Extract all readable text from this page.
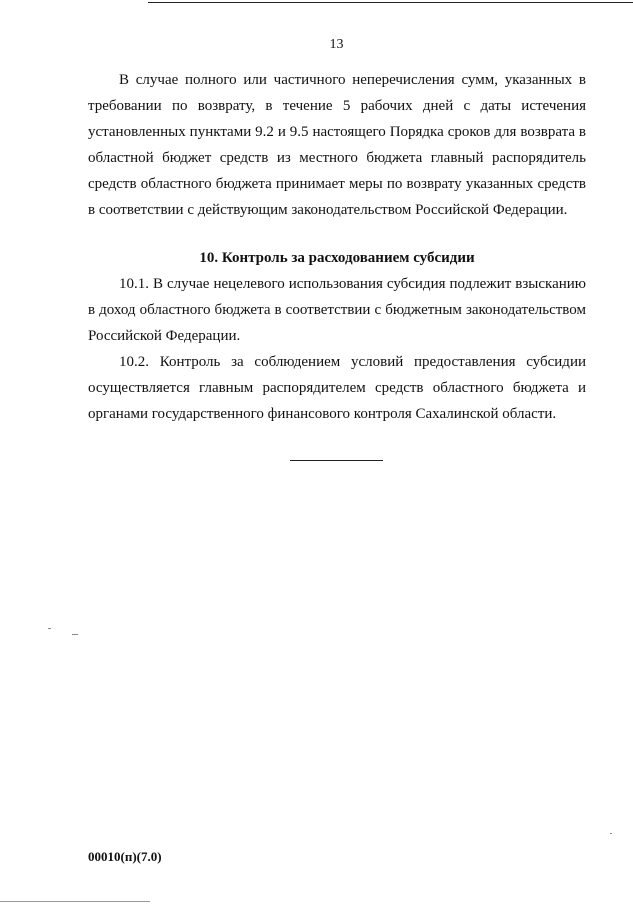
13

В случае полного или частичного неперечисления сумм, указанных в требовании по возврату, в течение 5 рабочих дней с даты истечения установленных пунктами 9.2 и 9.5 настоящего Порядка сроков для возврата в областной бюджет средств из местного бюджета главный распорядитель средств областного бюджета принимает меры по возврату указанных средств в соответствии с действующим законодательством Российской Федерации.

10. Контроль за расходованием субсидии

10.1. В случае нецелевого использования субсидия подлежит взысканию в доход областного бюджета в соответствии с бюджетным законодательством Российской Федерации.

10.2. Контроль за соблюдением условий предоставления субсидии осуществляется главным распорядителем средств областного бюджета и органами государственного финансового контроля Сахалинской области.

00010(п)(7.0)
